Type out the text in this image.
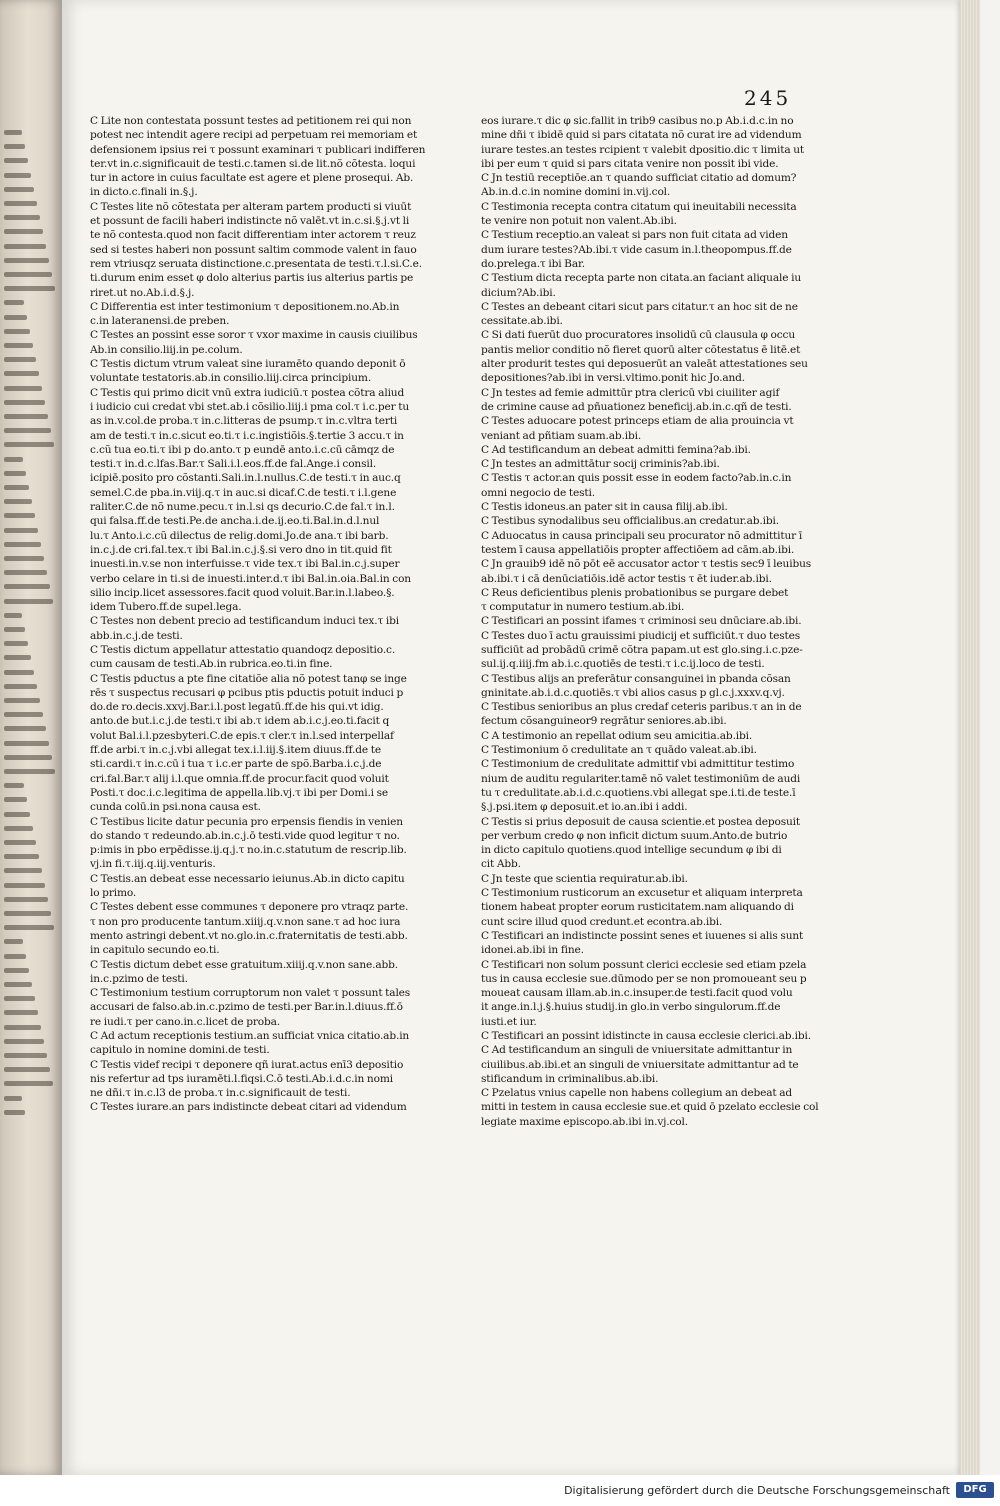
245
C Lite non contestata possunt testes ad petitionem rei qui non
potest nec intendit agere recipi ad perpetuam rei memoriam et
defensionem ipsius rei τ possunt examinari τ publicari indifferen
ter.vt in.c.significauit de testi.c.tamen si.de lit.nõ cõtesta. loqui
tur in actore in cuius facultate est agere et plene prosequi. Ab.
in dicto.c.finali in.§.j.
C Testes lite nõ cõtestata per alteram partem producti si viuūt
et possunt de facili haberi indistincte nõ valēt.vt in.c.si.§.j.vt li
te nõ contesta.quod non facit differentiam inter actorem τ reuz
sed si testes haberi non possunt saltim commode valent in fauo
rem vtriusqz seruata distinctione.c.presentata de testi.τ.l.si.C.e.
ti.durum enim esset φ dolo alterius partis ius alterius partis pe
riret.ut no.Ab.i.d.§.j.
C Differentia est inter testimonium τ depositionem.no.Ab.in
c.in lateranensi.de preben.
C Testes an possint esse soror τ vxor maxime in causis ciuilibus
Ab.in consilio.liij.in pe.colum.
C Testis dictum vtrum valeat sine iuramēto quando deponit ō
voluntate testatoris.ab.in consilio.liij.circa principium.
C Testis qui primo dicit vnū extra iudiciū.τ postea cõtra aliud
i iudicio cui credat vbi stet.ab.i cõsilio.liij.i pma col.τ i.c.per tu
as in.v.col.de proba.τ in.c.litteras de psump.τ in.c.vltra terti
am de testi.τ in.c.sicut eo.ti.τ i.c.ingistiõis.§.tertie 3 accu.τ in
c.cũ tua eo.ti.τ ibi p do.anto.τ p eundē anto.i.c.cū cāmqz de
testi.τ in.d.c.lfas.Bar.τ Sali.i.l.eos.ff.de fal.Ange.i consil.
icipiē.posito pro cõstanti.Sali.in.l.nullus.C.de testi.τ in auc.q
semel.C.de pba.in.viij.q.τ in auc.si dicaf.C.de testi.τ i.l.gene
raliter.C.de nõ nume.pecu.τ in.l.si qs decurio.C.de fal.τ in.l.
qui falsa.ff.de testi.Pe.de ancha.i.de.ij.eo.ti.Bal.in.d.l.nul
lu.τ Anto.i.c.cũ dilectus de relig.domi.Jo.de ana.τ ibi barb.
in.c.j.de cri.fal.tex.τ ibi Bal.in.c.j.§.si vero dno in tit.quid fit
inuesti.in.v.se non interfuisse.τ vide tex.τ ibi Bal.in.c.j.super
verbo celare in ti.si de inuesti.inter.d.τ ibi Bal.in.oia.Bal.in con
silio incip.licet assessores.facit quod voluit.Bar.in.l.labeo.§.
idem Tubero.ff.de supel.lega.
C Testes non debent precio ad testificandum induci tex.τ ibi
abb.in.c.j.de testi.
C Testis dictum appellatur attestatio quandoqz depositio.c.
cum causam de testi.Ab.in rubrica.eo.ti.in fine.
C Testis pductus a pte fine citatiõe alia nõ potest tanφ se inge
rēs τ suspectus recusari φ pcibus ptis pductis potuit induci p
do.de ro.decis.xxvj.Bar.i.l.post legatū.ff.de his qui.vt idig.
anto.de but.i.c.j.de testi.τ ibi ab.τ idem ab.i.c.j.eo.ti.facit q
volut Bal.i.l.pzesbyteri.C.de epis.τ cler.τ in.l.sed interpellaf
ff.de arbi.τ in.c.j.vbi allegat tex.i.l.iij.§.item diuus.ff.de te
sti.cardi.τ in.c.cū i tua τ i.c.er parte de spõ.Barba.i.c.j.de
cri.fal.Bar.τ alij i.l.que omnia.ff.de procur.facit quod voluit
Posti.τ doc.i.c.legitima de appella.lib.vj.τ ibi per Domi.i se
cunda colū.in psi.nona causa est.
C Testibus licite datur pecunia pro erpensis fiendis in venien
do stando τ redeundo.ab.in.c.j.ō testi.vide quod legitur τ no.
p:imis in pbo erpēdisse.ij.q.j.τ no.in.c.statutum de rescrip.lib.
vj.in fi.τ.iij.q.iij.venturis.
C Testis.an debeat esse necessario ieiunus.Ab.in dicto capitu
lo primo.
C Testes debent esse communes τ deponere pro vtraqz parte.
τ non pro producente tantum.xiiij.q.v.non sane.τ ad hoc iura
mento astringi debent.vt no.glo.in.c.fraternitatis de testi.abb.
in capitulo secundo eo.ti.
C Testis dictum debet esse gratuitum.xiiij.q.v.non sane.abb.
in.c.pzimo de testi.
C Testimonium testium corruptorum non valet τ possunt tales
accusari de falso.ab.in.c.pzimo de testi.per Bar.in.l.diuus.ff.ō
re iudi.τ per cano.in.c.licet de proba.
C Ad actum receptionis testium.an sufficiat vnica citatio.ab.in
capitulo in nomine domini.de testi.
C Testis videf recipi τ deponere qñ iurat.actus enī3 depositio
nis refertur ad tps iuramēti.l.fiqsi.C.ō testi.Ab.i.d.c.in nomi
ne dñi.τ in.c.l3 de proba.τ in.c.significauit de testi.
C Testes iurare.an pars indistincte debeat citari ad videndum
eos iurare.τ dic φ sic.fallit in trib9 casibus no.p Ab.i.d.c.in no
mine dñi τ ibidē quid si pars citatata nõ curat ire ad videndum
iurare testes.an testes rcipient τ valebit dpositio.dic τ limita ut
ibi per eum τ quid si pars citata venire non possit ibi vide.
C Jn testiū receptiōe.an τ quando sufficiat citatio ad domum?
Ab.in.d.c.in nomine domini in.vij.col.
C Testimonia recepta contra citatum qui ineuitabili necessita
te venire non potuit non valent.Ab.ibi.
C Testium receptio.an valeat si pars non fuit citata ad viden
dum iurare testes?Ab.ibi.τ vide casum in.l.theopompus.ff.de
do.prelega.τ ibi Bar.
C Testium dicta recepta parte non citata.an faciant aliquale iu
dicium?Ab.ibi.
C Testes an debeant citari sicut pars citatur.τ an hoc sit de ne
cessitate.ab.ibi.
C Si dati fuerūt duo procuratores insolidū cū clausula φ occu
pantis melior conditio nõ fieret quorū alter cõtestatus ē litē.et
alter produrit testes qui deposuerūt an valeāt attestationes seu
depositiones?ab.ibi in versi.vltimo.ponit hic Jo.and.
C Jn testes ad femie admittūr ptra clericū vbi ciuiliter agif
de crimine cause ad pñuationez beneficij.ab.in.c.qñ de testi.
C Testes aduocare potest princeps etiam de alia prouincia vt
veniant ad pñtiam suam.ab.ibi.
C Ad testificandum an debeat admitti femina?ab.ibi.
C Jn testes an admittātur socij criminis?ab.ibi.
C Testis τ actor.an quis possit esse in eodem facto?ab.in.c.in
omni negocio de testi.
C Testis idoneus.an pater sit in causa filij.ab.ibi.
C Testibus synodalibus seu officialibus.an credatur.ab.ibi.
C Aduocatus in causa principali seu procurator nõ admittitur ī
testem ī causa appellatiōis propter affectiōem ad cām.ab.ibi.
C Jn grauib9 idē nõ pōt eē accusator actor τ testis sec9 ī leuibus
ab.ibi.τ i cā denūciatiōis.idē actor testis τ ēt iuder.ab.ibi.
C Reus deficientibus plenis probationibus se purgare debet
τ computatur in numero testium.ab.ibi.
C Testificari an possint ifames τ criminosi seu dnūciare.ab.ibi.
C Testes duo ī actu grauissimi piudicij et sufficiūt.τ duo testes
sufficiūt ad probādū crimē cõtra papam.ut est glo.sing.i.c.pze-
sul.ij.q.iiij.fm ab.i.c.quotiēs de testi.τ i.c.ij.loco de testi.
C Testibus alijs an preferātur consanguinei in pbanda cõsan
gninitate.ab.i.d.c.quotiēs.τ vbi alios casus p gl.c.j.xxxv.q.vj.
C Testibus senioribus an plus credaf ceteris paribus.τ an in de
fectum cõsanguineor9 regrātur seniores.ab.ibi.
C A testimonio an repellat odium seu amicitia.ab.ibi.
C Testimonium ō credulitate an τ quādo valeat.ab.ibi.
C Testimonium de credulitate admittif vbi admittitur testimo
nium de auditu regulariter.tamē nõ valet testimoniūm de audi
tu τ credulitate.ab.i.d.c.quotiens.vbi allegat spe.i.ti.de teste.ī
§.j.psi.item φ deposuit.et io.an.ibi i addi.
C Testis si prius deposuit de causa scientie.et postea deposuit
per verbum credo φ non inficit dictum suum.Anto.de butrio
in dicto capitulo quotiens.quod intellige secundum φ ibi di
cit Abb.
C Jn teste que scientia requiratur.ab.ibi.
C Testimonium rusticorum an excusetur et aliquam interpreta
tionem habeat propter eorum rusticitatem.nam aliquando di
cunt scire illud quod credunt.et econtra.ab.ibi.
C Testificari an indistincte possint senes et iuuenes si alis sunt
idonei.ab.ibi in fine.
C Testificari non solum possunt clerici ecclesie sed etiam pzela
tus in causa ecclesie sue.dūmodo per se non promoueant seu p
moueat causam illam.ab.in.c.insuper.de testi.facit quod volu
it ange.in.l.j.§.huius studij.in glo.in verbo singulorum.ff.de
iusti.et iur.
C Testificari an possint idistincte in causa ecclesie clerici.ab.ibi.
C Ad testificandum an singuli de vniuersitate admittantur in
ciuilibus.ab.ibi.et an singuli de vniuersitate admittantur ad te
stificandum in criminalibus.ab.ibi.
C Pzelatus vnius capelle non habens collegium an debeat ad
mitti in testem in causa ecclesie sue.et quid ō pzelato ecclesie col
legiate maxime episcopo.ab.ibi in.vj.col.
Digitalisierung gefördert durch die Deutsche Forschungsgemeinschaft	DFG
